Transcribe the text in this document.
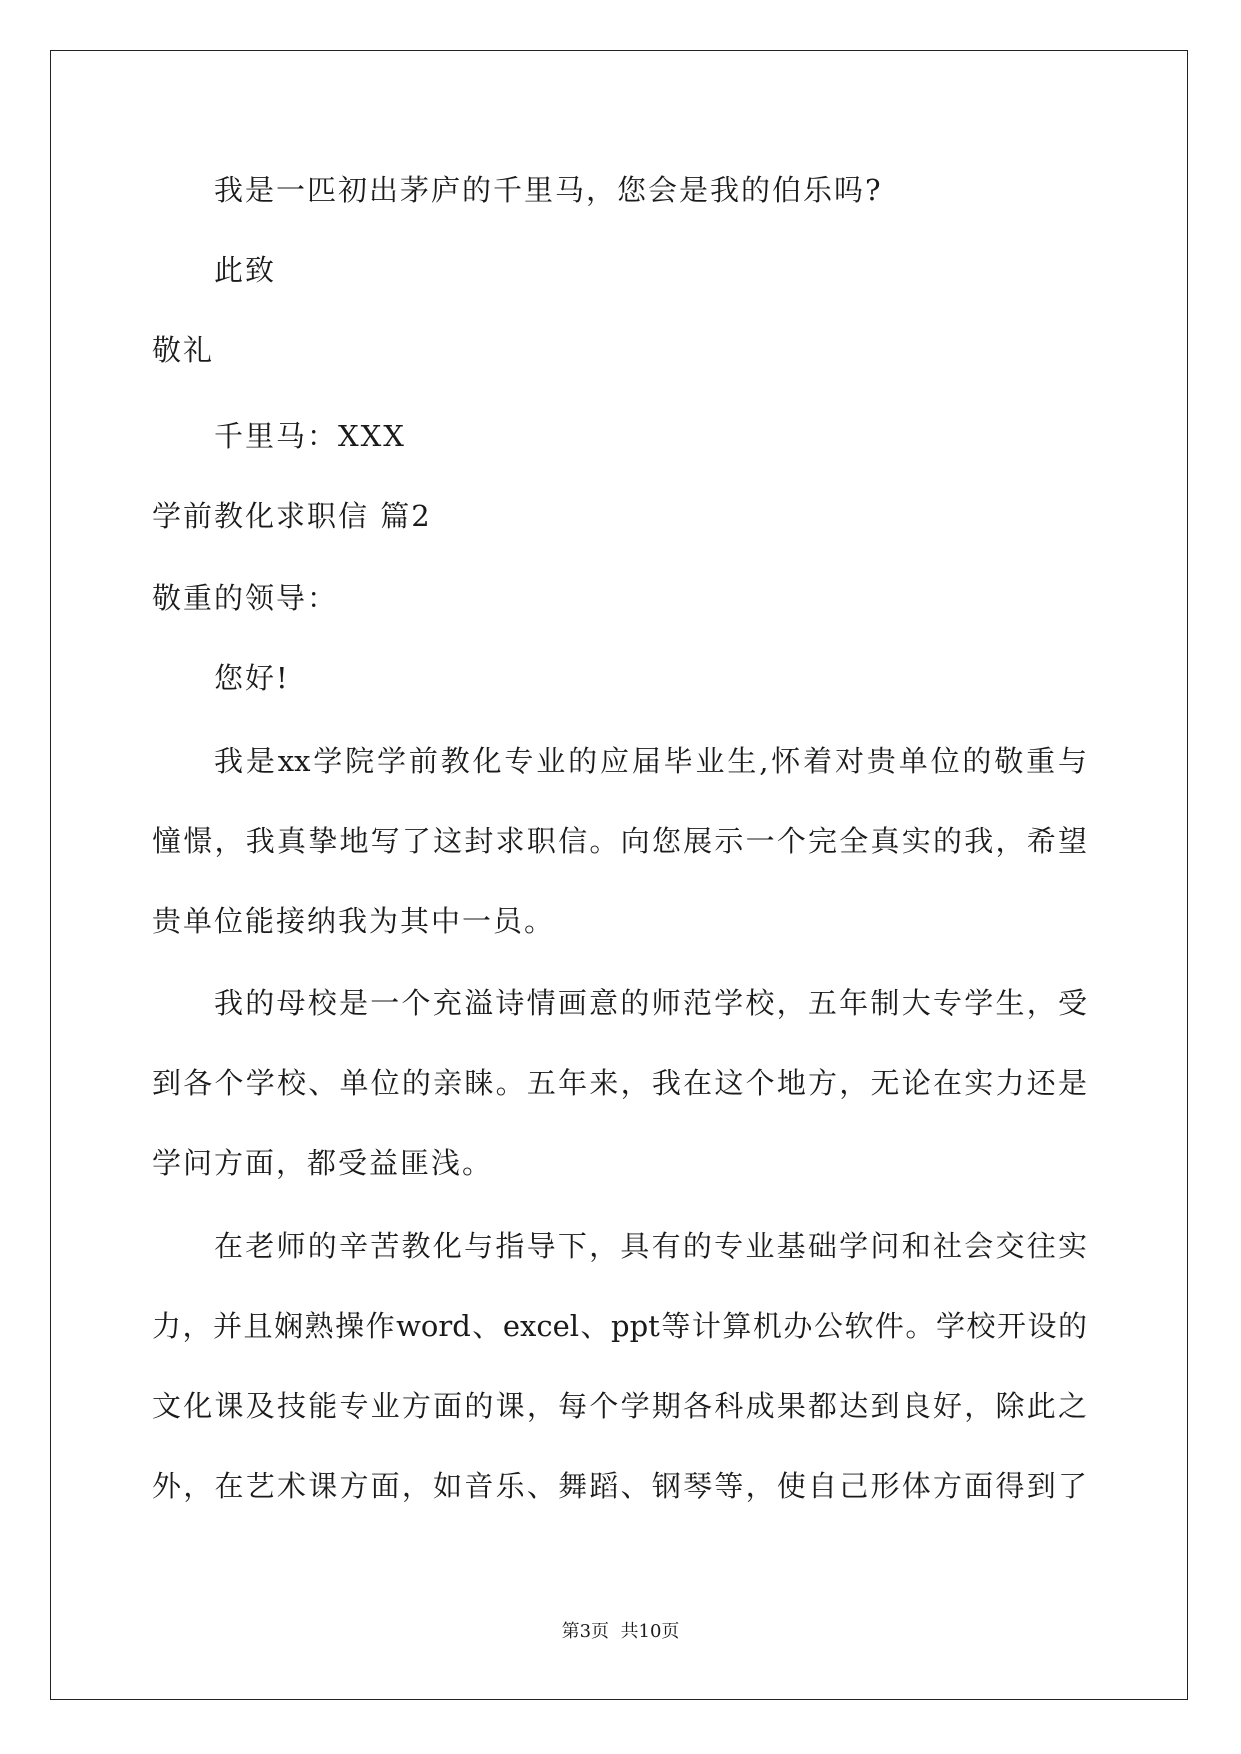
我是一匹初出茅庐的千里马，您会是我的伯乐吗?
此致
敬礼
千里马：XXX
学前教化求职信 篇2
敬重的领导：
您好!
我是xx学院学前教化专业的应届毕业生,怀着对贵单位的敬重与
憧憬，我真挚地写了这封求职信。向您展示一个完全真实的我，希望
贵单位能接纳我为其中一员。
我的母校是一个充溢诗情画意的师范学校，五年制大专学生，受
到各个学校、单位的亲睐。五年来，我在这个地方，无论在实力还是
学问方面，都受益匪浅。
在老师的辛苦教化与指导下，具有的专业基础学问和社会交往实
力，并且娴熟操作word、excel、ppt等计算机办公软件。学校开设的
文化课及技能专业方面的课，每个学期各科成果都达到良好，除此之
外，在艺术课方面，如音乐、舞蹈、钢琴等，使自己形体方面得到了
第3页  共10页
